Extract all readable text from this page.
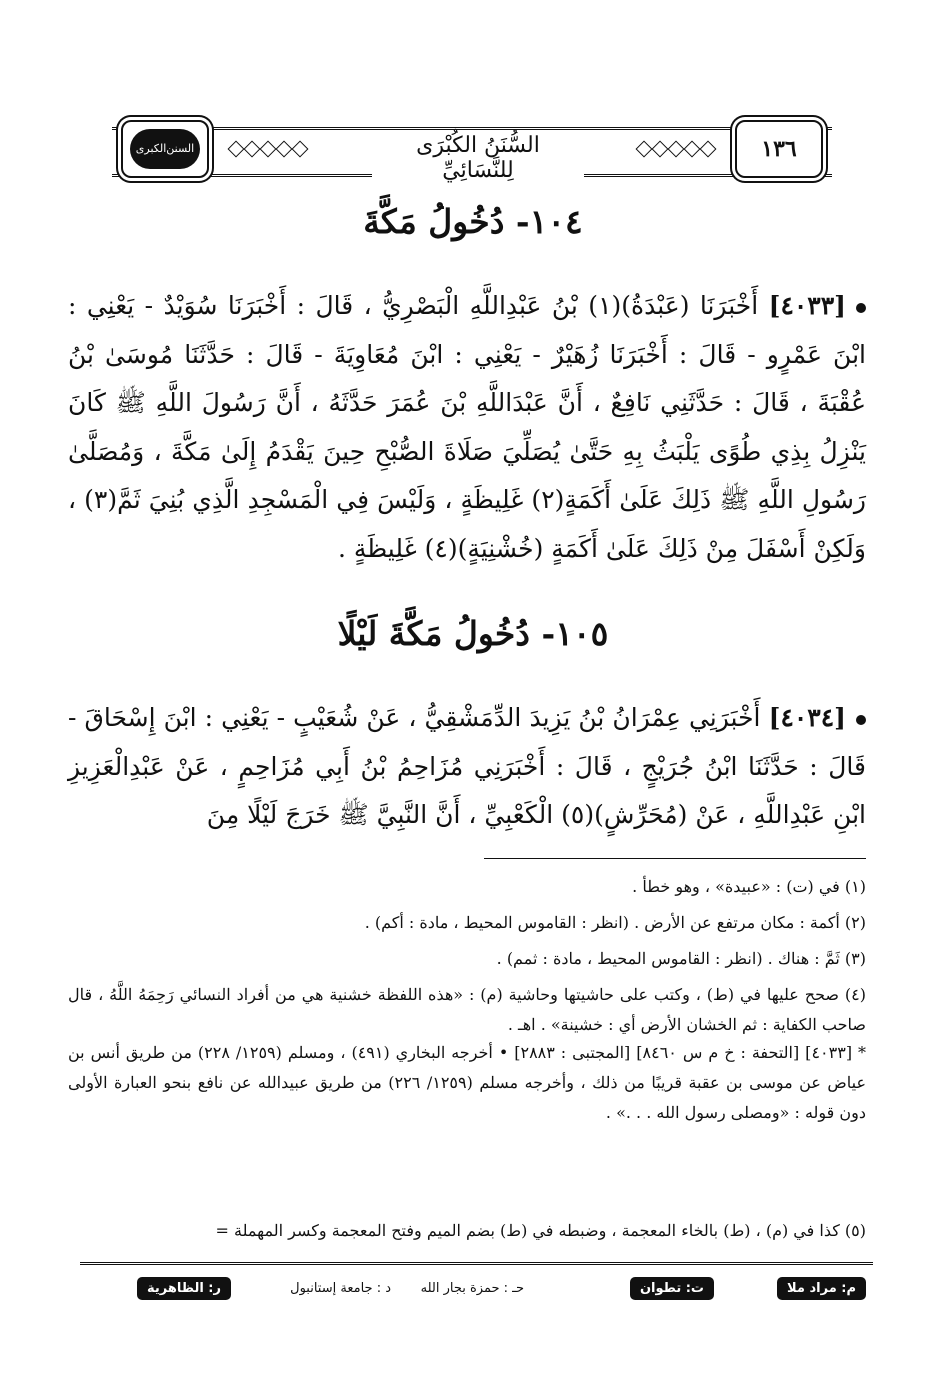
١٣٦
السُّنَنُ الكُبْرَى لِلنَّسَائِيِّ
السنن
الكبرى
١٠٤- دُخُولُ مَكَّةَ
[٤٠٣٣] أَخْبَرَنَا (عَبْدَةُ)(١) بْنُ عَبْدِاللَّهِ الْبَصْرِيُّ ، قَالَ : أَخْبَرَنَا سُوَيْدٌ - يَعْنِي : ابْنَ عَمْرٍو - قَالَ : أَخْبَرَنَا زُهَيْرٌ - يَعْنِي : ابْنَ مُعَاوِيَةَ - قَالَ : حَدَّثَنَا مُوسَىٰ بْنُ عُقْبَةَ ، قَالَ : حَدَّثَنِي نَافِعٌ ، أَنَّ عَبْدَاللَّهِ بْنَ عُمَرَ حَدَّثَهُ ، أَنَّ رَسُولَ اللَّهِ ﷺ كَانَ يَنْزِلُ بِذِي طُوًى يَلْبَثُ بِهِ حَتَّىٰ يُصَلِّيَ صَلَاةَ الصُّبْحِ حِينَ يَقْدَمُ إِلَىٰ مَكَّةَ ، وَمُصَلَّىٰ رَسُولِ اللَّهِ ﷺ ذَلِكَ عَلَىٰ أَكَمَةٍ(٢) غَلِيظَةٍ ، وَلَيْسَ فِي الْمَسْجِدِ الَّذِي بُنِيَ ثَمَّ(٣) ، وَلَكِنْ أَسْفَلَ مِنْ ذَلِكَ عَلَىٰ أَكَمَةٍ (خُشْنِيَةٍ)(٤) غَلِيظَةٍ .
١٠٥- دُخُولُ مَكَّةَ لَيْلًا
[٤٠٣٤] أَخْبَرَنِي عِمْرَانُ بْنُ يَزِيدَ الدِّمَشْقِيُّ ، عَنْ شُعَيْبٍ - يَعْنِي : ابْنَ إِسْحَاقَ - قَالَ : حَدَّثَنَا ابْنُ جُرَيْجٍ ، قَالَ : أَخْبَرَنِي مُزَاحِمُ بْنُ أَبِي مُزَاحِمٍ ، عَنْ عَبْدِالْعَزِيزِ ابْنِ عَبْدِاللَّهِ ، عَنْ (مُحَرِّشٍ)(٥) الْكَعْبِيِّ ، أَنَّ النَّبِيَّ ﷺ خَرَجَ لَيْلًا مِنَ
(١) في (ت) : «عبيدة» ، وهو خطأ .
(٢) أكمة : مكان مرتفع عن الأرض . (انظر : القاموس المحيط ، مادة : أكم) .
(٣) ثَمَّ : هناك . (انظر : القاموس المحيط ، مادة : ثمم) .
(٤) صحح عليها في (ط) ، وكتب على حاشيتها وحاشية (م) : «هذه اللفظة خشنية هي من أفراد النسائي رَحِمَهُ اللَّهُ ، قال صاحب الكفاية : ثم الخشان الأرض أي : خشينة» . اهـ .
* [٤٠٣٣] [التحفة : خ م س ٨٤٦٠] [المجتبى : ٢٨٨٣] • أخرجه البخاري (٤٩١) ، ومسلم (١٢٥٩/ ٢٢٨) من طريق أنس بن عياض عن موسى بن عقبة قريبًا من ذلك ، وأخرجه مسلم (١٢٥٩/ ٢٢٦) من طريق عبيدالله عن نافع بنحو العبارة الأولى دون قوله : «ومصلى رسول الله . . .» .
(٥) كذا في (م) ، (ط) بالخاء المعجمة ، وضبطه في (ط) بضم الميم وفتح المعجمة وكسر المهملة =
م: مراد ملا
ت: تطوان
حـ : حمزة بجار الله
د : جامعة إستانبول
ر: الظاهرية
